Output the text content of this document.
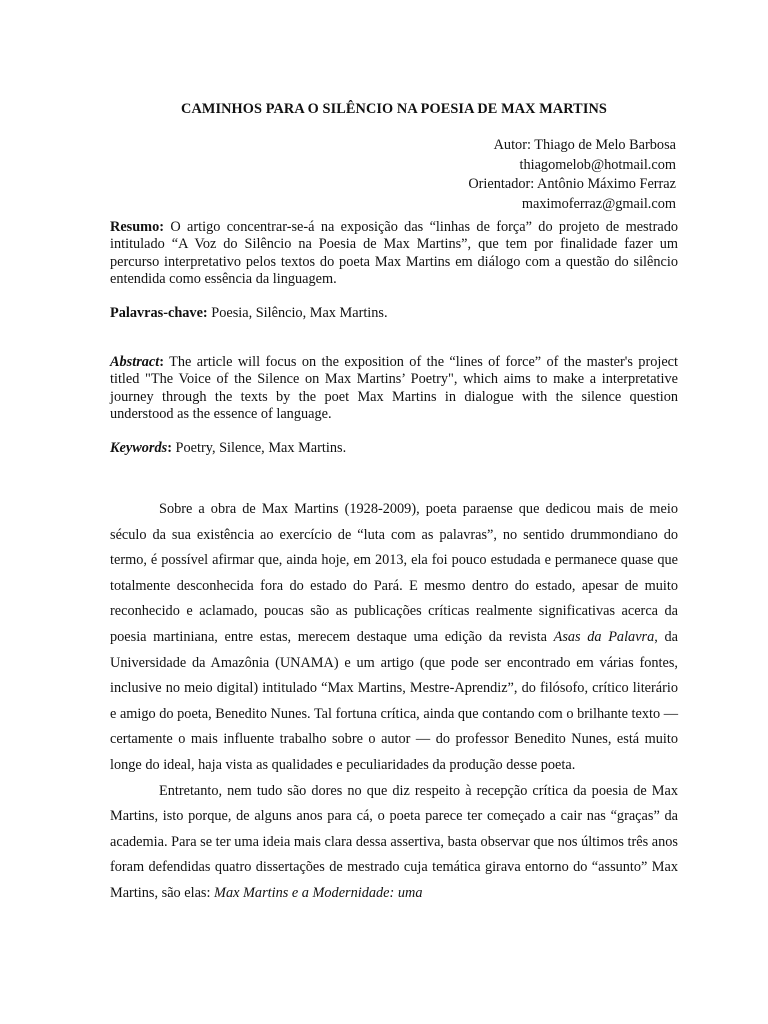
CAMINHOS PARA O SILÊNCIO NA POESIA DE MAX MARTINS
Autor: Thiago de Melo Barbosa
thiagomelob@hotmail.com
Orientador: Antônio Máximo Ferraz
maximoferraz@gmail.com

Resumo: O artigo concentrar-se-á na exposição das “linhas de força” do projeto de mestrado intitulado “A Voz do Silêncio na Poesia de Max Martins”, que tem por finalidade fazer um percurso interpretativo pelos textos do poeta Max Martins em diálogo com a questão do silêncio entendida como essência da linguagem.

Palavras-chave: Poesia, Silêncio, Max Martins.

Abstract: The article will focus on the exposition of the “lines of force” of the master's project titled "The Voice of the Silence on Max Martins’ Poetry", which aims to make a interpretative journey through the texts by the poet Max Martins in dialogue with the silence question understood as the essence of language.

Keywords: Poetry, Silence, Max Martins.

Sobre a obra de Max Martins (1928-2009), poeta paraense que dedicou mais de meio século da sua existência ao exercício de “luta com as palavras”, no sentido drummondiano do termo, é possível afirmar que, ainda hoje, em 2013, ela foi pouco estudada e permanece quase que totalmente desconhecida fora do estado do Pará. E mesmo dentro do estado, apesar de muito reconhecido e aclamado, poucas são as publicações críticas realmente significativas acerca da poesia martiniana, entre estas, merecem destaque uma edição da revista Asas da Palavra, da Universidade da Amazônia (UNAMA) e um artigo (que pode ser encontrado em várias fontes, inclusive no meio digital) intitulado “Max Martins, Mestre-Aprendiz”, do filósofo, crítico literário e amigo do poeta, Benedito Nunes. Tal fortuna crítica, ainda que contando com o brilhante texto — certamente o mais influente trabalho sobre o autor — do professor Benedito Nunes, está muito longe do ideal, haja vista as qualidades e peculiaridades da produção desse poeta.

Entretanto, nem tudo são dores no que diz respeito à recepção crítica da poesia de Max Martins, isto porque, de alguns anos para cá, o poeta parece ter começado a cair nas “graças” da academia. Para se ter uma ideia mais clara dessa assertiva, basta observar que nos últimos três anos foram defendidas quatro dissertações de mestrado cuja temática girava entorno do “assunto” Max Martins, são elas: Max Martins e a Modernidade: uma
